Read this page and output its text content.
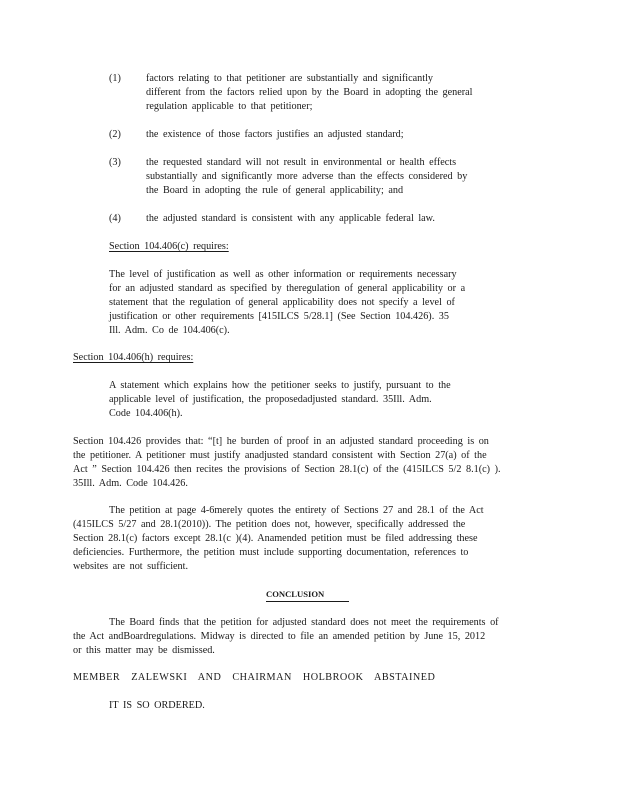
(1) factors relating to that petitioner are substantially and significantly
different from the factors relied upon by the Board in adopting the general
regulation applicable to that petitioner;
(2) the existence of those factors justifies an adjusted standard;
(3) the requested standard will not result in environmental or health effects
substantially and significantly more adverse than the effects considered by
the Board in adopting the rule of general applicability; and
(4) the adjusted standard is consistent with any applicable federal law.
Section 104.406(c) requires:
The level of justification as well as other information or requirements necessary
for an adjusted standard as specified by theregulation of general applicability or a
statement that the regulation of general applicability does not specify a level of
justification or other requirements [415ILCS 5/28.1] (See Section 104.426). 35
Ill. Adm. Co de 104.406(c).
Section 104.406(h) requires:
A statement which explains how the petitioner seeks to justify, pursuant to the
applicable level of justification, the proposedadjusted standard. 35Ill. Adm.
Code 104.406(h).
Section 104.426 provides that: “[t] he burden of proof in an adjusted standard proceeding is on
the petitioner. A petitioner must justify anadjusted standard consistent with Section 27(a) of the
Act ” Section 104.426 then recites the provisions of Section 28.1(c) of the (415ILCS 5/2 8.1(c) ).
35Ill. Adm. Code 104.426.
The petition at page 4-6merely quotes the entirety of Sections 27 and 28.1 of the Act
(415ILCS 5/27 and 28.1(2010)). The petition does not, however, specifically addressed the
Section 28.1(c) factors except 28.1(c )(4). Anamended petition must be filed addressing these
deficiencies. Furthermore, the petition must include supporting documentation, references to
websites are not sufficient.
CONCLUSION
The Board finds that the petition for adjusted standard does not meet the requirements of
the Act andBoardregulations. Midway is directed to file an amended petition by June 15, 2012
or this matter may be dismissed.
MEMBER ZALEWSKI AND CHAIRMAN HOLBROOK ABSTAINED
IT IS SO ORDERED.
